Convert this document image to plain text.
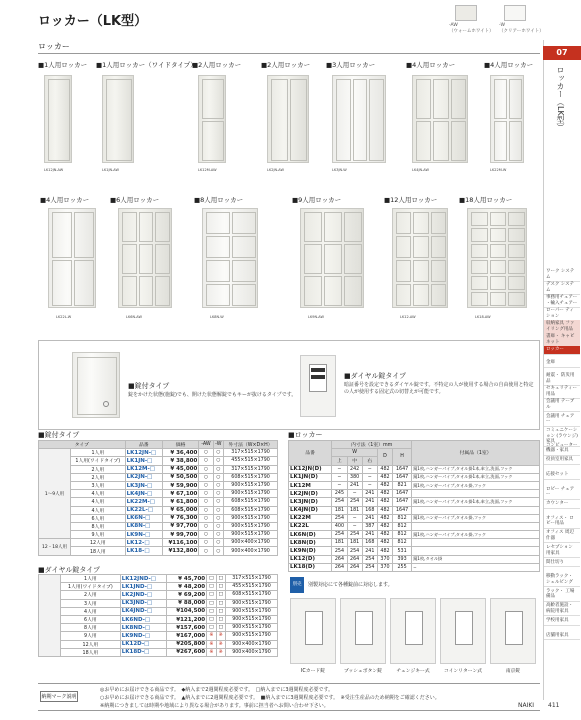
ロッカー（LK型）	-AW
（ウォームホワイト）
-W
（クリアーホワイト）
ロッカー
07
ロッカー（LK型）
ワーク システム
デスク システム
事務用チェアー ・輸入チェアー
ローパー ティション
収納家具 ファイリング用品
書庫・ キャビネット
ロッカー
金庫
耐震・ 防災用品
セキュリティー 用品
会議用 テーブル
会議用 チェアー
コミュニケーション (ラウンジ)家具
コンピューター 機器・家具
役員室用家具
応接セット
ロビー チェアー
カウンター
オフィス・ ロビー用品
オフィス 周辺什器
レセプション 用家具
間仕切り
移動ラック・ シェルビング
ラック・ 工場備品
高齢者施設・ 病院用家具
学校用家具
店舗用家具
NAIKI 411
■1人用ロッカー
LK12JN-AW
■1人用ロッカー（ワイドタイプ）
LK1JN-AW
■2人用ロッカー
LK12M-AW
■2人用ロッカー
LK2JN-AW
■3人用ロッカー
LK3JN-W
■4人用ロッカー
LK4JN-AW
■4人用ロッカー
LK22M-W
■4人用ロッカー
LK22L-W
■6人用ロッカー
LK6N-AW
■8人用ロッカー
LK8N-W
■9人用ロッカー
LK9N-AW
■12人用ロッカー
LK12-AW
■18人用ロッカー
LK18-AW
■錠付タイプ
錠をかけた状態(施錠)でも、開けた状態解錠でもキーが抜けるタイプです。
■ダイヤル錠タイプ
暗証番号を設定できるダイヤル錠です。不特定の人が使用する場合の自由使用と特定の人が使用する固定式の切替えが可能です。
■錠付タイプ
タイプ		品番	価格	-AW	-W	外寸法（W×D×H）
1〜9人用	1人用	LK12JN-□	¥ 36,400	○	○	317×515×1790
	1人用(ワイドタイプ)	LK1JN-□	¥ 38,800	○	○	455×515×1790
	2人用	LK12M-□	¥ 45,000	○	○	317×515×1790
	2人用	LK2JN-□	¥ 50,500	○	○	608×515×1790
	3人用	LK3JN-□	¥ 59,900	○	○	900×515×1790
	4人用	LK4JN-□	¥ 67,100	○	○	900×515×1790
	4人用	LK22M-□	¥ 61,800	○	○	608×515×1790
	4人用	LK22L-□	¥ 65,000	○	○	608×515×1790
	6人用	LK6N-□	¥ 76,300	○	○	900×515×1790
	8人用	LK8N-□	¥ 97,700	○	○	900×515×1790
	9人用	LK9N-□	¥ 99,700	○	○	900×515×1790
12・18人用	12人用	LK12-□	¥116,100	○	○	900×400×1790
	18人用	LK18-□	¥132,800	○	○	900×400×1790
■ダイヤル錠タイプ
	1人用	LK12JND-□	¥ 45,700	□	□	317×515×1790
	1人用(ワイドタイプ)	LK1JND-□	¥ 48,200	□	□	455×515×1790
	2人用	LK2JND-□	¥ 69,200	□	□	608×515×1790
	3人用	LK3JND-□	¥ 88,000	□	□	900×515×1790
	4人用	LK4JND-□	¥104,500	□	□	900×515×1790
	6人用	LK6ND-□	¥121,200	□	□	900×515×1790
	8人用	LK8ND-□	¥157,600	□	□	900×515×1790
	9人用	LK9ND-□	¥167,000	※	※	900×515×1790
	12人用	LK12D-□	¥205,800	※	※	900×400×1790
	18人用	LK18D-□	¥267,600	※	※	900×400×1790
■ロッカー
品番	内寸法（1室）mm					付属品（1室）
	W			D	H	
	上	中	右			
LK12JN(D)	−	242	−	482	1647	鏡1枚,ハンガーパイプ,タオル掛1本,傘立,洗面,フック
LK1JN(D)	−	380	−	482	1647	鏡1枚,ハンガーパイプ,タオル掛1本,傘立,洗面,フック
LK12M	−	241	−	482	821	鏡1枚,ハンガーパイプ,タオル掛,フック
LK2JN(D)	245	−	241	482	1647	
LK3JN(D)	254	254	241	482	1647	鏡1枚,ハンガーパイプ,タオル掛1本,傘立,洗面,フック
LK4JN(D)	181	181	168	482	1647	
LK22M	254	−	241	482	812	鏡1枚,ハンガーパイプ,タオル掛,フック
LK22L	400	−	387	482	812	
LK6N(D)	254	254	241	482	812	鏡1枚,ハンガーパイプ,タオル掛,フック
LK8N(D)	181	181	168	482	812	
LK9N(D)	254	254	241	482	531	
LK12(D)	264	264	254	370	393	鏡1枚,タオル掛
LK18(D)	264	264	254	370	255	−
別売	別製対応にて各種錠前に対応します。
ICカード錠	プッシュボタン錠	チェンジキー式	コインリターン式	南京錠
納期マーク説明
◎お早めにお届けできる商品です。　◆納入まで2週間程度必要です。　□納入までに3週間程度必要です。
○お早めにお届けできる商品です。　▲納入までに2週間程度必要です。　■納入までに3週間程度必要です。　※受注生産品のため納期をご確認ください。
※納期につきましては時期や地域により異なる場合があります。事前に担当者へお問い合わせ下さい。
